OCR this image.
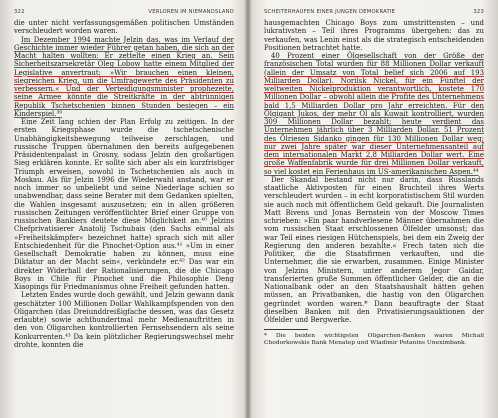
322	VERLOREN IM NIEMANDSLAND

die unter nicht verfassungsgemäßen politischen Umständen verschleudert worden waren.

Im Dezember 1994 machte Jelzin das, was im Verlauf der Geschichte immer wieder Führer getan haben, die sich an der Macht halten wollten: Er zettelte einen Krieg an. Sein Sicherheitszarsekretär Oleg Lobow hatte einem Mitglied der Legislative anvertraut: »Wir brauchen einen kleinen, siegreichen Krieg, um die Umfragewerte des Präsidenten zu verbessern.« Und der Verteidigungsminister prophezeite, seine Armee könnte die Streitkräfte in der abtrünnigen Republik Tschetschenien binnen Stunden besiegen – ein Kinderspiel.³⁹

Eine Zeit lang schien der Plan Erfolg zu zeitigen. In der ersten Kriegsphase wurde die tschetschenische Unabhängigkeitsbewegung teilweise zerschlagen, und russische Truppen übernahmen den bereits aufgegebenen Präsidentenpalast in Grosny, sodass Jelzin den großartigen Sieg erklären konnte. Er sollte sich aber als ein kurzfristiger Triumph erweisen, sowohl in Tschetschenien als auch in Moskau. Als für Jelzin 1996 die Wiederwahl anstand, war er noch immer so unbeliebt und seine Niederlage schien so unabwendbar, dass seine Berater mit dem Gedanken spielten, die Wahlen insgesamt auszusetzen; ein in allen größeren russischen Zeitungen veröffentlichter Brief einer Gruppe von russischen Bankiers deutete diese Möglichkeit an.⁴⁰ Jelzins Chefprivatisierer Anatolij Tschubais (den Sachs einmal als »Freiheitskämpfer« bezeichnet hatte) sprach sich mit aller Entschiedenheit für die Pinochet-Option aus.⁴¹ »Um in einer Gesellschaft Demokratie haben zu können, muss eine Diktatur an der Macht sein«, verkündete er.⁴² Das war ein direkter Widerhall der Rationalisierungen, die die Chicago Boys in Chile für Pinochet und die Philosophie Deng Xiaopings für Friedmanismus ohne Freiheit gefunden hatten.

Letzten Endes wurde doch gewählt, und Jelzin gewann dank geschätzter 100 Millionen Dollar Wahlkampfspenden von den Oligarchen (das Dreiunddreißigfache dessen, was das Gesetz erlaubte) sowie achthundertmal mehr Medienauftritten in den von Oligarchen kontrollierten Fernsehsendern als seine Konkurrenten.⁴³ Da kein plötzlicher Regierungswechsel mehr drohte, konnten die

SCHEITERHAUFEN EINER JUNGEN DEMOKRATIE	323

hausgemachten Chicago Boys zum umstrittensten – und lukrativsten – Teil ihres Programms übergehen: das zu verkaufen, was Lenin einst als die strategisch entscheidenden Positionen betrachtet hatte.

40 Prozent einer Ölgesellschaft von der Größe der französischen Total wurden für 88 Millionen Dollar verkauft (allein der Umsatz von Total belief sich 2006 auf 193 Milliarden Dollar). Norilsk Nickel, für ein Fünftel der weltweiten Nickelproduktion verantwortlich, kostete 170 Millionen Dollar – obwohl allein die Profite des Unternehmens bald 1,5 Milliarden Dollar pro Jahr erreichten. Für den Ölgigant Jukos, der mehr Öl als Kuwait kontrolliert, wurden 309 Millionen Dollar bezahlt; heute verdient das Unternehmen jährlich über 3 Milliarden Dollar. 51 Prozent des Ölriesen Sidanko gingen für 130 Millionen Dollar weg; nur zwei Jahre später war dieser Unternehmensanteil auf dem internationalen Markt 2,8 Milliarden Dollar wert. Eine große Waffenfabrik wurde für drei Millionen Dollar verkauft, so viel kostet ein Ferienhaus im US-amerikanischen Aspen.⁴⁴

Der Skandal bestand nicht nur darin, dass Russlands staatliche Aktivposten für einen Bruchteil ihres Werts verschleudert wurden – in echt korporatistischem Stil wurden sie auch noch mit öffentlichem Geld gekauft. Die Journalisten Matt Bivens und Jonas Bernstein von der Moscow Times schrieben: »Ein paar handverlesene Männer übernahmen die vom russischen Staat erschlossenen Ölfelder umsonst; das war Teil eines riesigen Hütchenspiels, bei dem ein Zweig der Regierung den anderen bezahlte.« Frech taten sich die Politiker, die die Staatsfirmen verkauften, und die Unternehmer, die sie erwarben, zusammen. Einige Minister von Jelzins Ministern, unter anderem Jegor Gaidar, transferierten große Summen öffentlicher Gelder, die an die Nationalbank oder an den Staatshaushalt hätten gehen müssen, an Privatbanken, die hastig von den Oligarchen gegründet worden waren.* Dann beauftragte der Staat dieselben Banken mit den Privatisierungsauktionen der Ölfelder und Bergwerke.

* Die beiden wichtigsten Oligarchen-Banken waren Michail Chodorkowskis Bank Menatep und Wladimir Potanins Uneximbank.
